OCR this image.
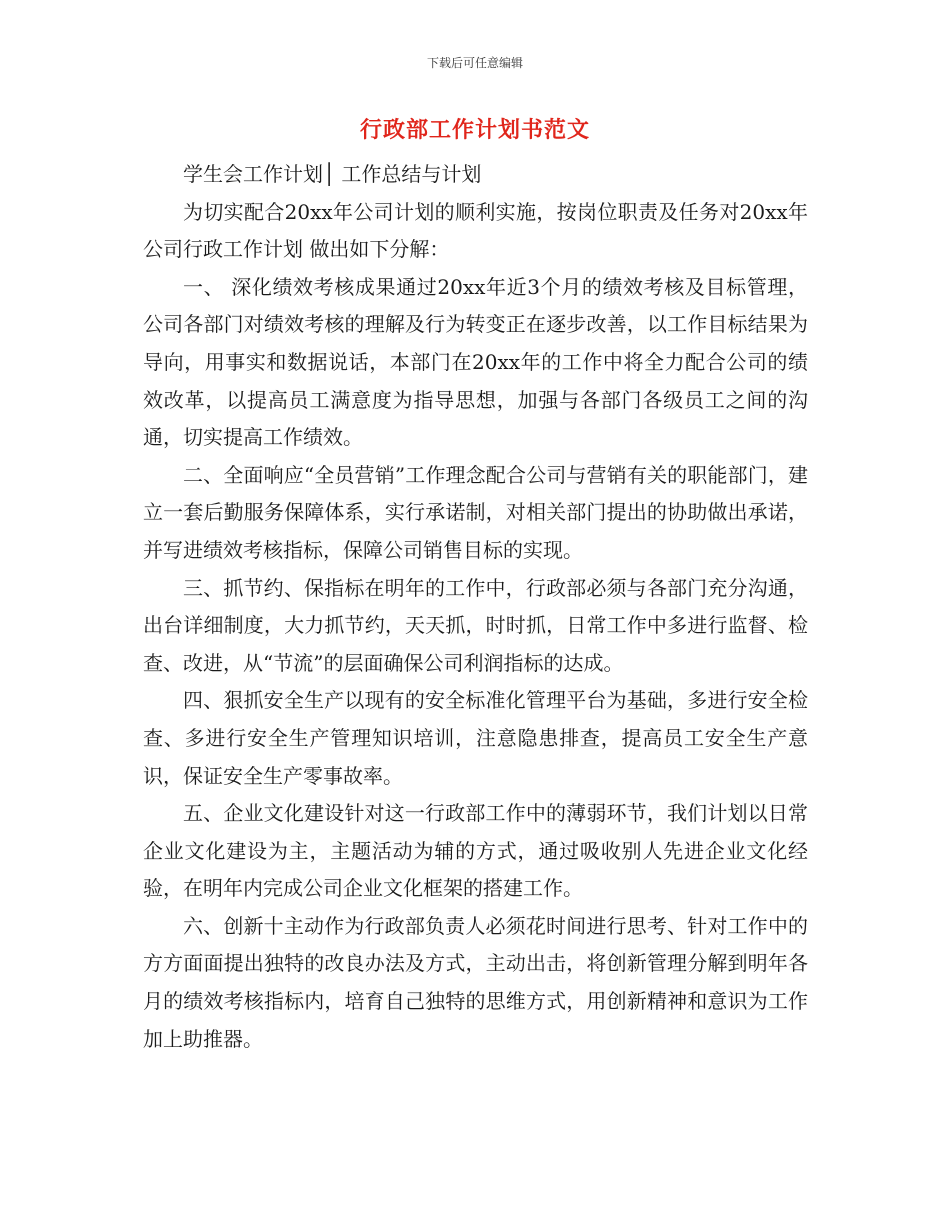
下载后可任意编辑
行政部工作计划书范文

学生会工作计划│ 工作总结与计划

为切实配合20xx年公司计划的顺利实施，按岗位职责及任务对20xx年公司行政工作计划 做出如下分解：

一、 深化绩效考核成果通过20xx年近3个月的绩效考核及目标管理，公司各部门对绩效考核的理解及行为转变正在逐步改善，以工作目标结果为导向，用事实和数据说话，本部门在20xx年的工作中将全力配合公司的绩效改革，以提高员工满意度为指导思想，加强与各部门各级员工之间的沟通，切实提高工作绩效。

二、全面响应“全员营销”工作理念配合公司与营销有关的职能部门，建立一套后勤服务保障体系，实行承诺制，对相关部门提出的协助做出承诺，并写进绩效考核指标，保障公司销售目标的实现。

三、抓节约、保指标在明年的工作中，行政部必须与各部门充分沟通，出台详细制度，大力抓节约，天天抓，时时抓，日常工作中多进行监督、检查、改进，从“节流”的层面确保公司利润指标的达成。

四、狠抓安全生产以现有的安全标准化管理平台为基础，多进行安全检查、多进行安全生产管理知识培训，注意隐患排查，提高员工安全生产意识，保证安全生产零事故率。

五、企业文化建设针对这一行政部工作中的薄弱环节，我们计划以日常企业文化建设为主，主题活动为辅的方式，通过吸收别人先进企业文化经验，在明年内完成公司企业文化框架的搭建工作。

六、创新十主动作为行政部负责人必须花时间进行思考、针对工作中的方方面面提出独特的改良办法及方式，主动出击，将创新管理分解到明年各月的绩效考核指标内，培育自己独特的思维方式，用创新精神和意识为工作加上助推器。
